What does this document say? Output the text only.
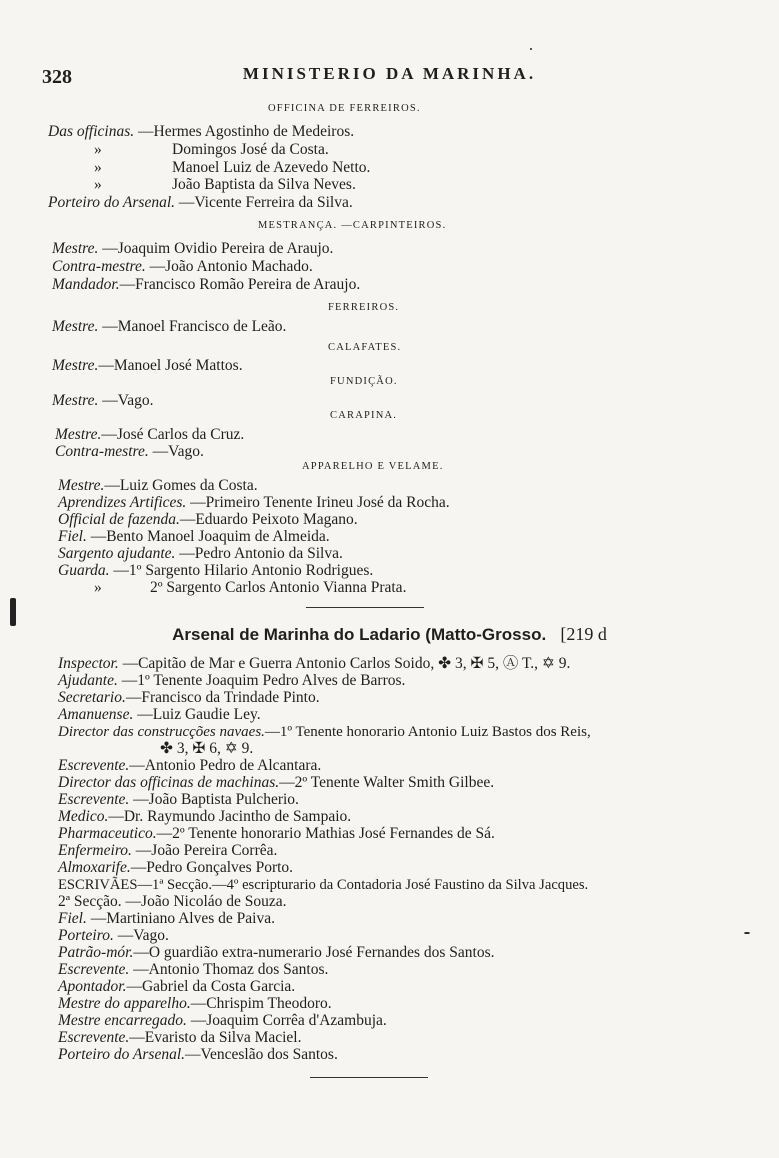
328	MINISTERIO DA MARINHA.
OFFICINA DE FERREIROS.
Das officinas. —Hermes Agostinho de Medeiros.
»	Domingos José da Costa.
»	Manoel Luiz de Azevedo Netto.
»	João Baptista da Silva Neves.
Porteiro do Arsenal. —Vicente Ferreira da Silva.
MESTRANÇA. —CARPINTEIROS.
Mestre. —Joaquim Ovidio Pereira de Araujo.
Contra-mestre. —João Antonio Machado.
Mandador.—Francisco Romão Pereira de Araujo.
FERREIROS.
Mestre. —Manoel Francisco de Leão.
CALAFATES.
Mestre.—Manoel José Mattos.
FUNDIÇÃO.
Mestre. —Vago.
CARAPINA.
Mestre.—José Carlos da Cruz.
Contra-mestre. —Vago.
APPARELHO E VELAME.
Mestre.—Luiz Gomes da Costa.
Aprendizes Artifices. —Primeiro Tenente Irineu José da Rocha.
Official de fazenda.—Eduardo Peixoto Magano.
Fiel. —Bento Manoel Joaquim de Almeida.
Sargento ajudante. —Pedro Antonio da Silva.
Guarda. —1º Sargento Hilario Antonio Rodrigues.
»	2º Sargento Carlos Antonio Vianna Prata.
Arsenal de Marinha do Ladario (Matto-Grosso. [219 d
Inspector. —Capitão de Mar e Guerra Antonio Carlos Soido, ✤ 3, ✠ 5, Ⓐ T., ✡ 9.
Ajudante. —1º Tenente Joaquim Pedro Alves de Barros.
Secretario.—Francisco da Trindade Pinto.
Amanuense. —Luiz Gaudie Ley.
Director das construcções navaes.—1º Tenente honorario Antonio Luiz Bastos dos Reis,
✤ 3, ✠ 6, ✡ 9.
Escrevente.—Antonio Pedro de Alcantara.
Director das officinas de machinas.—2º Tenente Walter Smith Gilbee.
Escrevente. —João Baptista Pulcherio.
Medico.—Dr. Raymundo Jacintho de Sampaio.
Pharmaceutico.—2º Tenente honorario Mathias José Fernandes de Sá.
Enfermeiro. —João Pereira Corrêa.
Almoxarife.—Pedro Gonçalves Porto.
ESCRIVÃES—1ª Secção.—4º escripturario da Contadoria José Faustino da Silva Jacques.
2ª Secção. —João Nicoláo de Souza.
Fiel. —Martiniano Alves de Paiva.
Porteiro. —Vago.
Patrão-mór.—O guardião extra-numerario José Fernandes dos Santos.
Escrevente. —Antonio Thomaz dos Santos.
Apontador.—Gabriel da Costa Garcia.
Mestre do apparelho.—Chrispim Theodoro.
Mestre encarregado. —Joaquim Corrêa d'Azambuja.
Escrevente.—Evaristo da Silva Maciel.
Porteiro do Arsenal.—Venceslão dos Santos.
